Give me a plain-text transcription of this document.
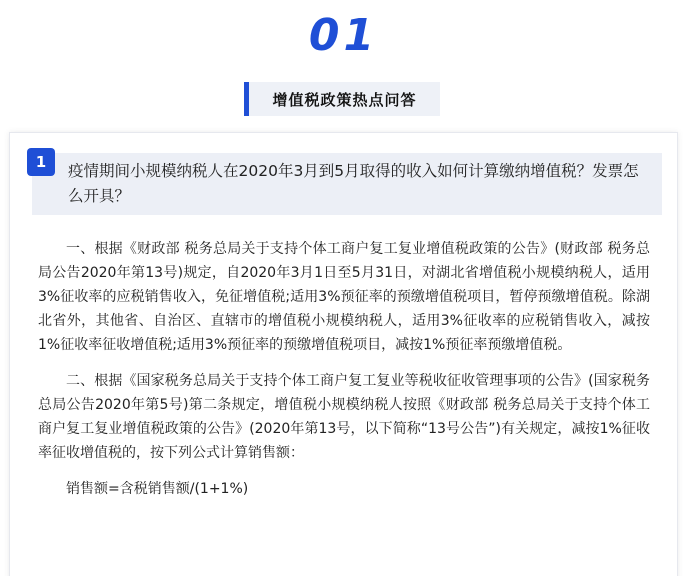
01
增值税政策热点问答
1	疫情期间小规模纳税人在2020年3月到5月取得的收入如何计算缴纳增值税？发票怎么开具？

一、根据《财政部 税务总局关于支持个体工商户复工复业增值税政策的公告》(财政部 税务总局公告2020年第13号)规定，自2020年3月1日至5月31日，对湖北省增值税小规模纳税人，适用3%征收率的应税销售收入，免征增值税;适用3%预征率的预缴增值税项目，暂停预缴增值税。除湖北省外，其他省、自治区、直辖市的增值税小规模纳税人，适用3%征收率的应税销售收入，减按1%征收率征收增值税;适用3%预征率的预缴增值税项目，减按1%预征率预缴增值税。

二、根据《国家税务总局关于支持个体工商户复工复业等税收征收管理事项的公告》(国家税务总局公告2020年第5号)第二条规定，增值税小规模纳税人按照《财政部 税务总局关于支持个体工商户复工复业增值税政策的公告》(2020年第13号，以下简称“13号公告”)有关规定，减按1%征收率征收增值税的，按下列公式计算销售额：

销售额=含税销售额/(1+1%)
